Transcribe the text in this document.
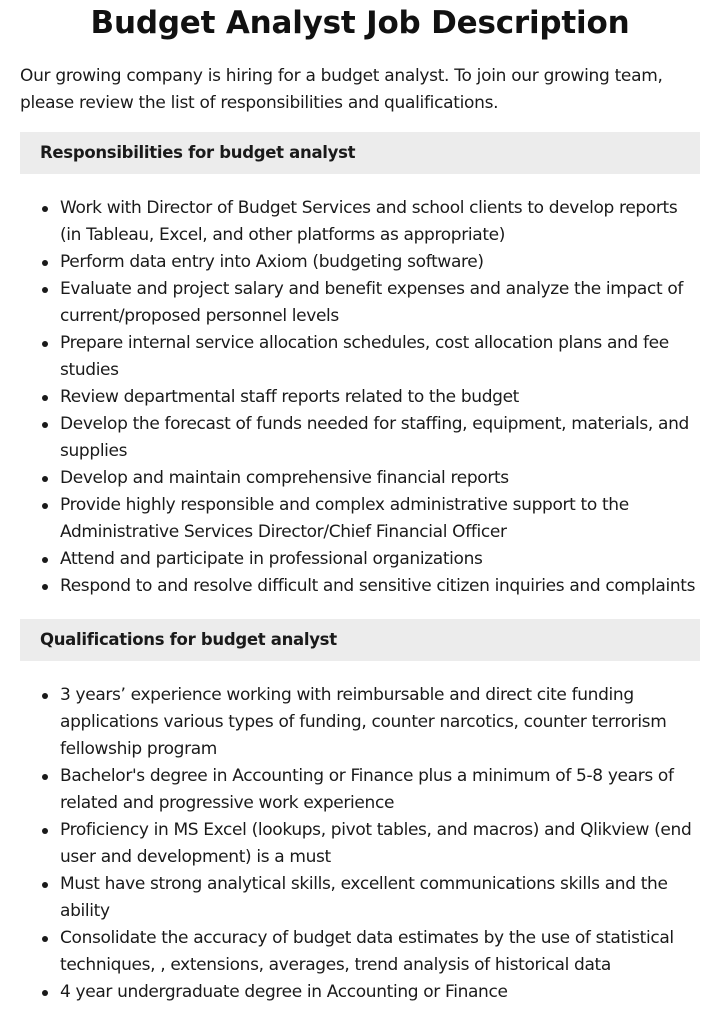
Budget Analyst Job Description

Our growing company is hiring for a budget analyst. To join our growing team, please review the list of responsibilities and qualifications.

Responsibilities for budget analyst
Work with Director of Budget Services and school clients to develop reports (in Tableau, Excel, and other platforms as appropriate)
Perform data entry into Axiom (budgeting software)
Evaluate and project salary and benefit expenses and analyze the impact of current/proposed personnel levels
Prepare internal service allocation schedules, cost allocation plans and fee studies
Review departmental staff reports related to the budget
Develop the forecast of funds needed for staffing, equipment, materials, and supplies
Develop and maintain comprehensive financial reports
Provide highly responsible and complex administrative support to the Administrative Services Director/Chief Financial Officer
Attend and participate in professional organizations
Respond to and resolve difficult and sensitive citizen inquiries and complaints
Qualifications for budget analyst
3 years’ experience working with reimbursable and direct cite funding applications various types of funding, counter narcotics, counter terrorism fellowship program
Bachelor's degree in Accounting or Finance plus a minimum of 5-8 years of related and progressive work experience
Proficiency in MS Excel (lookups, pivot tables, and macros) and Qlikview (end user and development) is a must
Must have strong analytical skills, excellent communications skills and the ability
Consolidate the accuracy of budget data estimates by the use of statistical techniques, , extensions, averages, trend analysis of historical data
4 year undergraduate degree in Accounting or Finance
